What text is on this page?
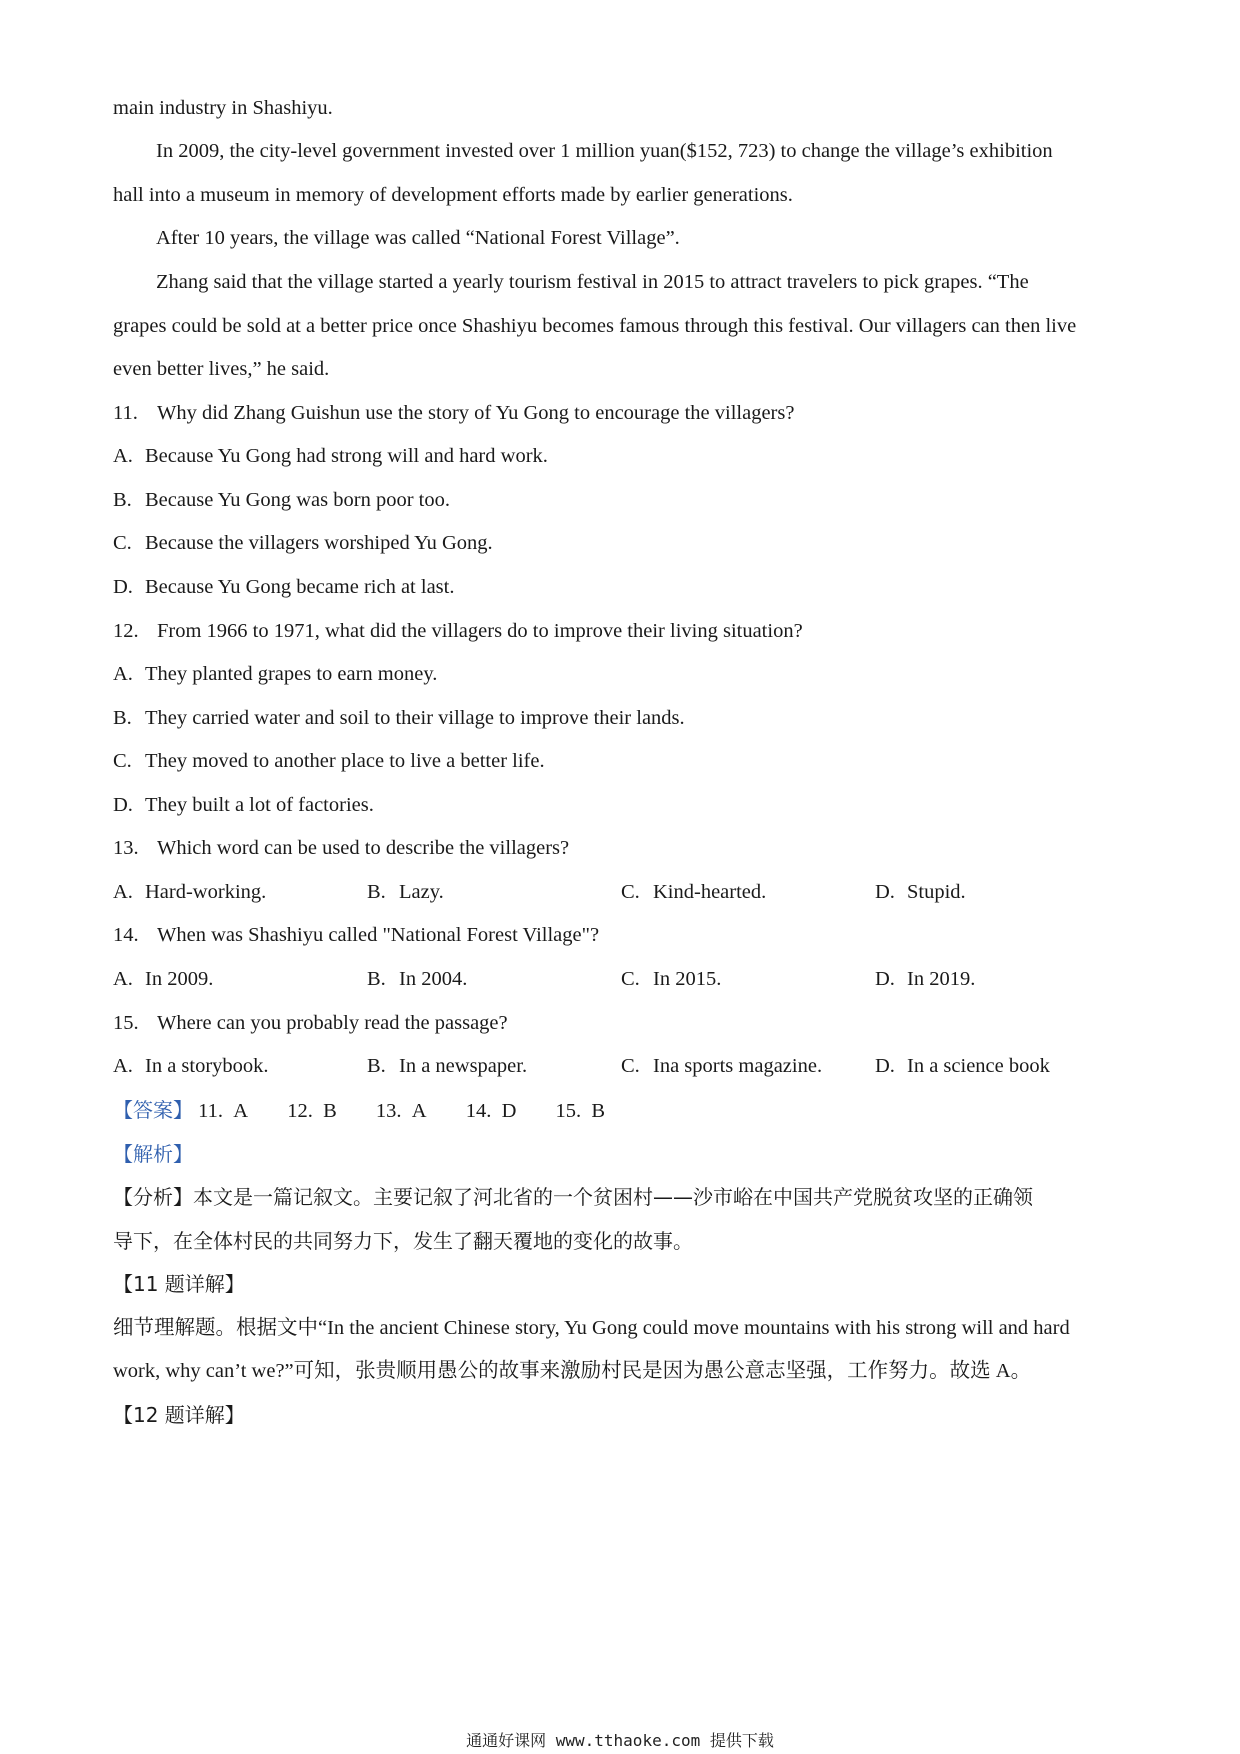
main industry in Shashiyu.
In 2009, the city-level government invested over 1 million yuan($152, 723) to change the village’s exhibition
hall into a museum in memory of development efforts made by earlier generations.
After 10 years, the village was called “National Forest Village”.
Zhang said that the village started a yearly tourism festival in 2015 to attract travelers to pick grapes. “The
grapes could be sold at a better price once Shashiyu becomes famous through this festival. Our villagers can then live
even better lives,” he said.
11. Why did Zhang Guishun use the story of Yu Gong to encourage the villagers?
A. Because Yu Gong had strong will and hard work.
B. Because Yu Gong was born poor too.
C. Because the villagers worshiped Yu Gong.
D. Because Yu Gong became rich at last.
12. From 1966 to 1971, what did the villagers do to improve their living situation?
A. They planted grapes to earn money.
B. They carried water and soil to their village to improve their lands.
C. They moved to another place to live a better life.
D. They built a lot of factories.
13. Which word can be used to describe the villagers?
A. Hard-working.	B. Lazy.	C. Kind-hearted.	D. Stupid.
14. When was Shashiyu called "National Forest Village"?
A. In 2009.	B. In 2004.	C. In 2015.	D. In 2019.
15. Where can you probably read the passage?
A. In a storybook.	B. In a newspaper.	C. Ina sports magazine.	D. In a science book
【答案】 11. A 12. B 13. A 14. D 15. B
【解析】
【分析】本文是一篇记叙文。主要记叙了河北省的一个贫困村——沙市峪在中国共产党脱贫攻坚的正确领
导下，在全体村民的共同努力下，发生了翻天覆地的变化的故事。
【11 题详解】
细节理解题。根据文中“In the ancient Chinese story, Yu Gong could move mountains with his strong will and hard
work, why can’t we?”可知，张贵顺用愚公的故事来激励村民是因为愚公意志坚强，工作努力。故选 A。
【12 题详解】
通通好课网 www.tthaoke.com 提供下载
